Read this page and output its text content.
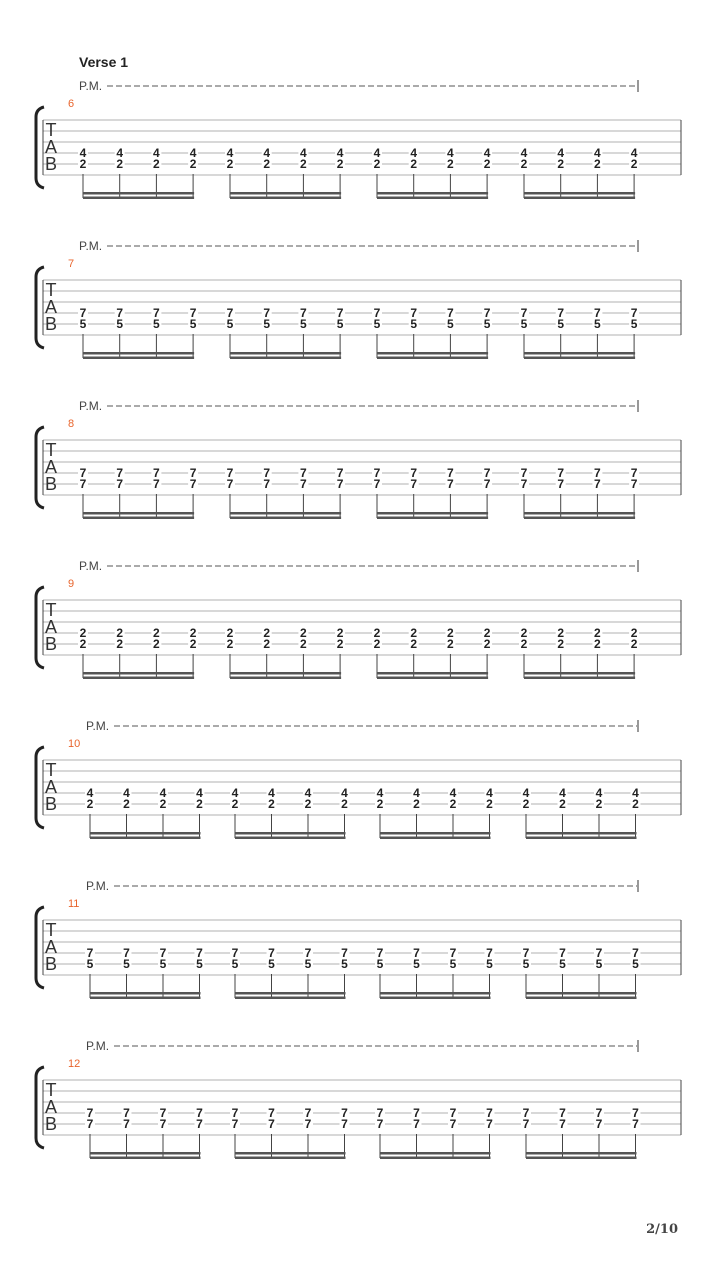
Verse 1
P.M.
6
T
A
B
4
2
4
2
4
2
4
2
4
2
4
2
4
2
4
2
4
2
4
2
4
2
4
2
4
2
4
2
4
2
4
2
P.M.
7
T
A
B
7
5
7
5
7
5
7
5
7
5
7
5
7
5
7
5
7
5
7
5
7
5
7
5
7
5
7
5
7
5
7
5
P.M.
8
T
A
B
7
7
7
7
7
7
7
7
7
7
7
7
7
7
7
7
7
7
7
7
7
7
7
7
7
7
7
7
7
7
7
7
P.M.
9
T
A
B
2
2
2
2
2
2
2
2
2
2
2
2
2
2
2
2
2
2
2
2
2
2
2
2
2
2
2
2
2
2
2
2
P.M.
10
T
A
B
4
2
4
2
4
2
4
2
4
2
4
2
4
2
4
2
4
2
4
2
4
2
4
2
4
2
4
2
4
2
4
2
P.M.
11
T
A
B
7
5
7
5
7
5
7
5
7
5
7
5
7
5
7
5
7
5
7
5
7
5
7
5
7
5
7
5
7
5
7
5
P.M.
12
T
A
B
7
7
7
7
7
7
7
7
7
7
7
7
7
7
7
7
7
7
7
7
7
7
7
7
7
7
7
7
7
7
7
7
2/10
